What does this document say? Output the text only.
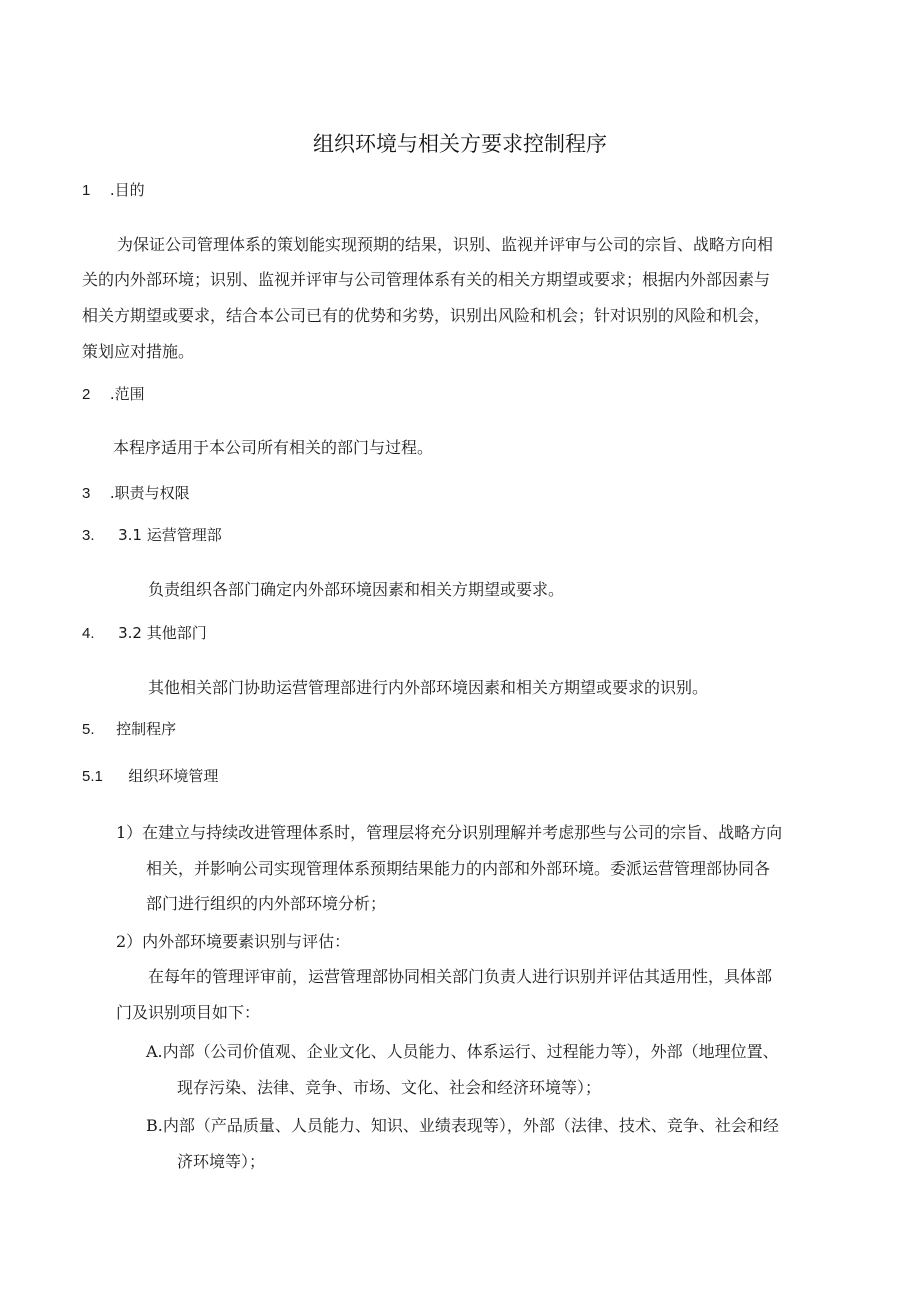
组织环境与相关方要求控制程序
1 .目的
为保证公司管理体系的策划能实现预期的结果，识别、监视并评审与公司的宗旨、战略方向相
关的内外部环境；识别、监视并评审与公司管理体系有关的相关方期望或要求；根据内外部因素与
相关方期望或要求，结合本公司已有的优势和劣势，识别出风险和机会；针对识别的风险和机会，
策划应对措施。
2 .范围
本程序适用于本公司所有相关的部门与过程。
3 .职责与权限
3. 3.1 运营管理部
负责组织各部门确定内外部环境因素和相关方期望或要求。
4. 3.2 其他部门
其他相关部门协助运营管理部进行内外部环境因素和相关方期望或要求的识别。
5. 控制程序
5.1 组织环境管理
1）在建立与持续改进管理体系时，管理层将充分识别理解并考虑那些与公司的宗旨、战略方向
相关，并影响公司实现管理体系预期结果能力的内部和外部环境。委派运营管理部协同各
部门进行组织的内外部环境分析；
2）内外部环境要素识别与评估：
在每年的管理评审前，运营管理部协同相关部门负责人进行识别并评估其适用性，具体部
门及识别项目如下：
A.内部（公司价值观、企业文化、人员能力、体系运行、过程能力等），外部（地理位置、
现存污染、法律、竞争、市场、文化、社会和经济环境等）；
B.内部（产品质量、人员能力、知识、业绩表现等），外部（法律、技术、竞争、社会和经
济环境等）；
